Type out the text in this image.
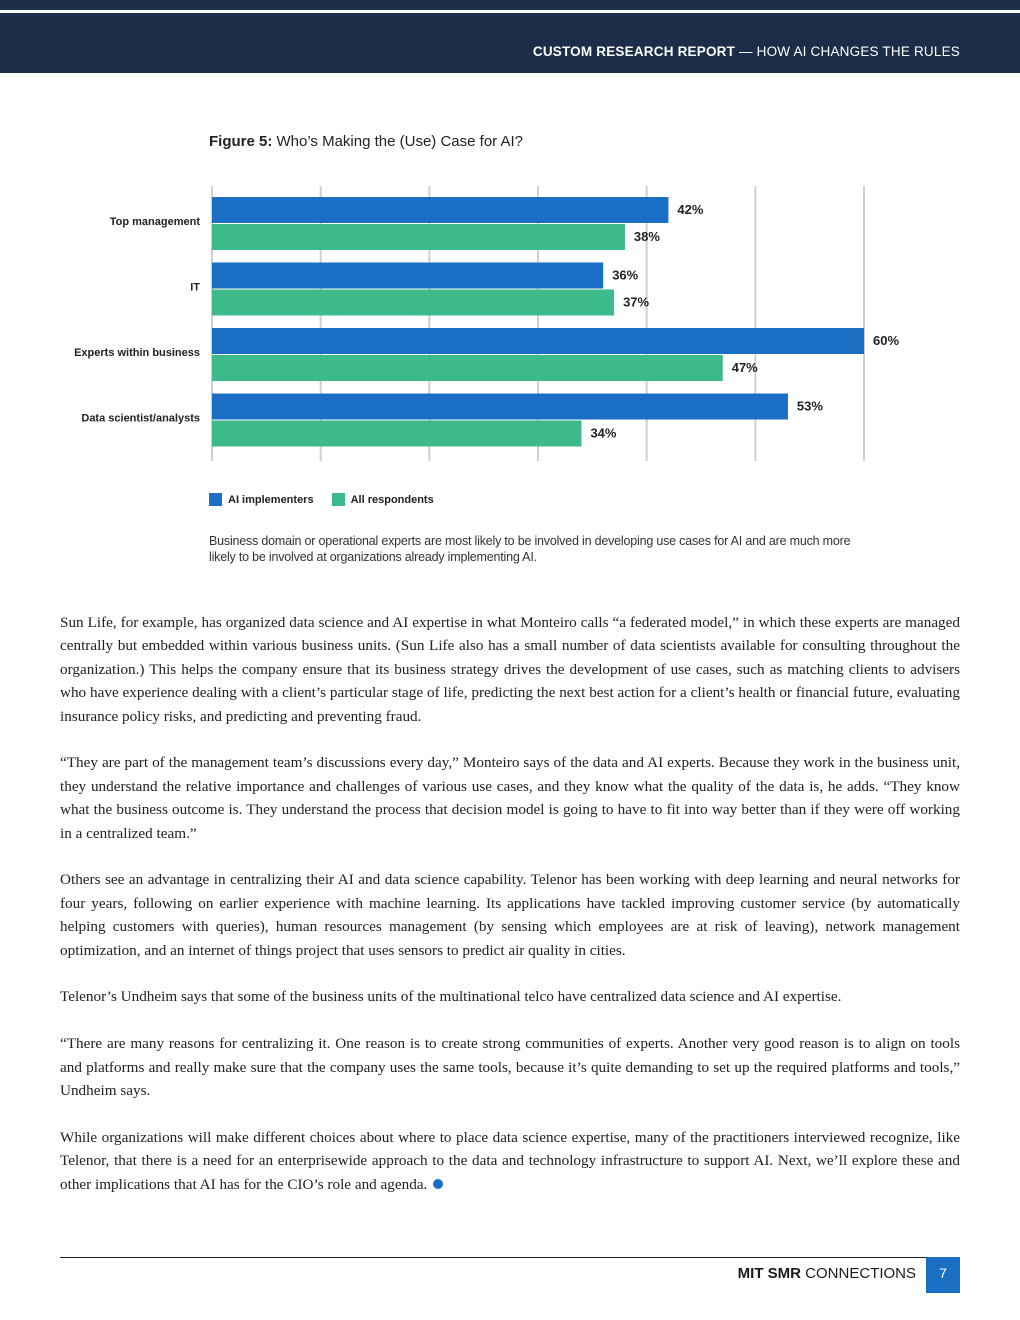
CUSTOM RESEARCH REPORT — HOW AI CHANGES THE RULES
Figure 5: Who’s Making the (Use) Case for AI?
Top management
42%
38%
IT
36%
37%
Experts within business
60%
47%
Data scientist/analysts
53%
34%
AI implementers	All respondents
Business domain or operational experts are most likely to be involved in developing use cases for AI and are much more likely to be involved at organizations already implementing AI.

Sun Life, for example, has organized data science and AI expertise in what Monteiro calls “a federated model,” in which these experts are managed centrally but embedded within various business units. (Sun Life also has a small number of data scientists available for consulting throughout the organization.) This helps the company ensure that its business strategy drives the development of use cases, such as matching clients to advisers who have experience dealing with a client’s particular stage of life, predicting the next best action for a client’s health or financial future, evaluating insurance policy risks, and predicting and preventing fraud.

“They are part of the management team’s discussions every day,” Monteiro says of the data and AI experts. Because they work in the business unit, they understand the relative importance and challenges of various use cases, and they know what the quality of the data is, he adds. “They know what the business outcome is. They understand the process that decision model is going to have to fit into way better than if they were off working in a centralized team.”

Others see an advantage in centralizing their AI and data science capability. Telenor has been working with deep learning and neural networks for four years, following on earlier experience with machine learning. Its applications have tackled improving customer service (by automatically helping customers with queries), human resources management (by sensing which employees are at risk of leaving), network management optimization, and an internet of things project that uses sensors to predict air quality in cities.

Telenor’s Undheim says that some of the business units of the multinational telco have centralized data science and AI expertise.

“There are many reasons for centralizing it. One reason is to create strong communities of experts. Another very good reason is to align on tools and platforms and really make sure that the company uses the same tools, because it’s quite demanding to set up the required platforms and tools,” Undheim says.

While organizations will make different choices about where to place data science expertise, many of the practitioners interviewed recognize, like Telenor, that there is a need for an enterprisewide approach to the data and technology infrastructure to support AI. Next, we’ll explore these and other implications that AI has for the CIO’s role and agenda.

MIT SMR CONNECTIONS	7
